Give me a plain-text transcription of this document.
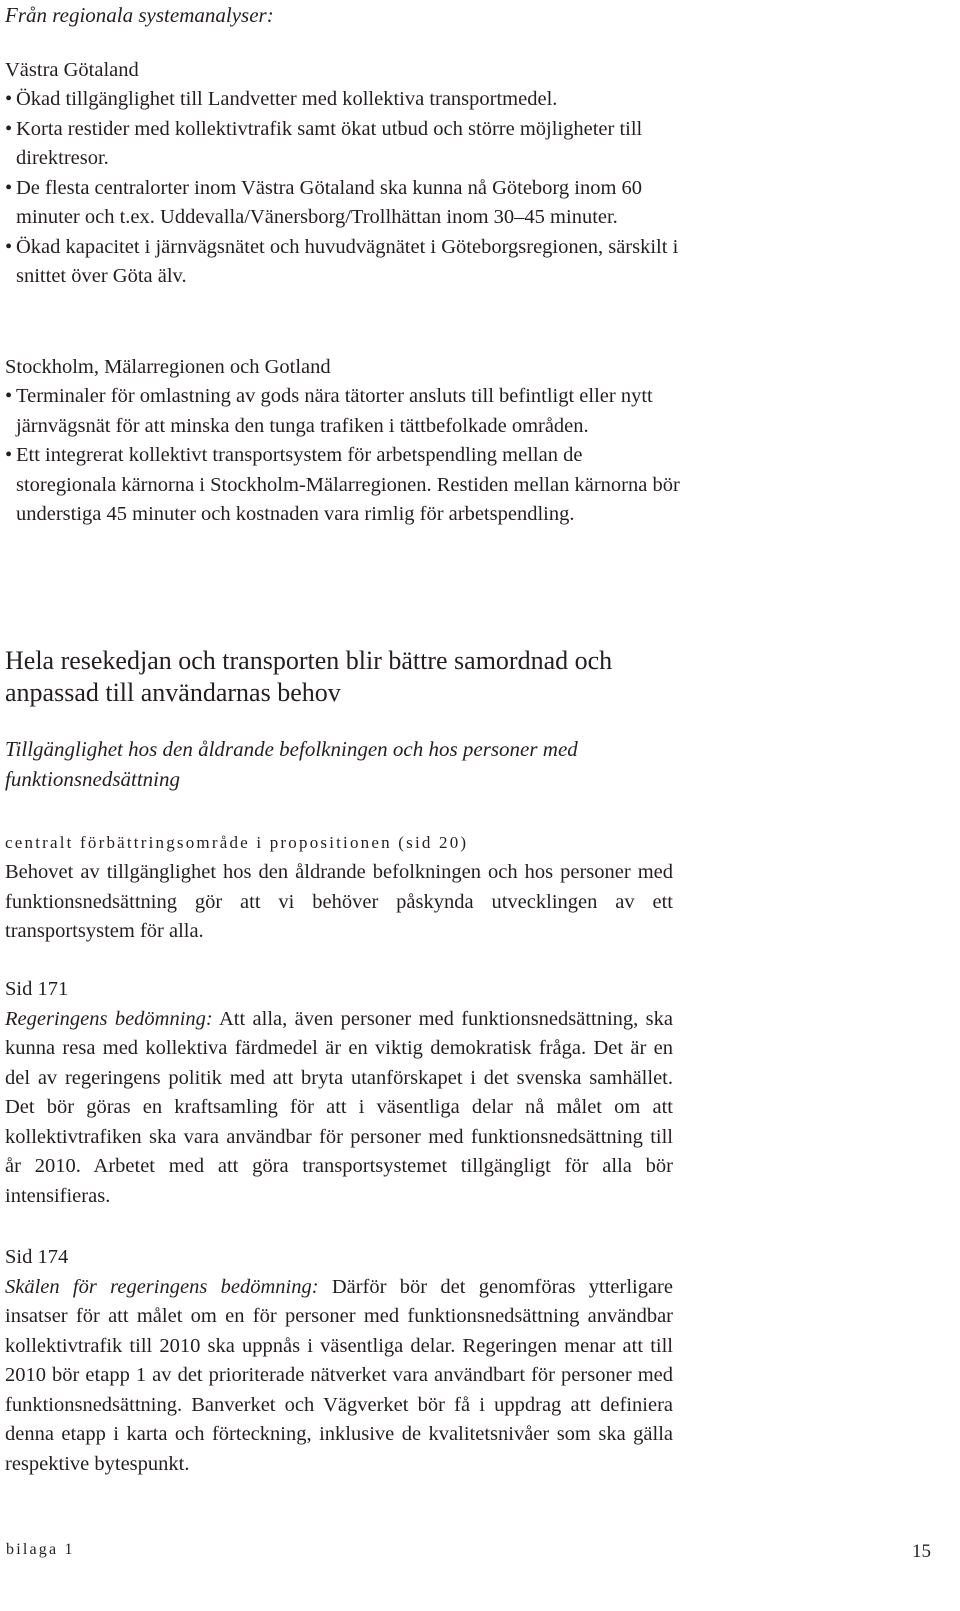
Från regionala systemanalyser:
Västra Götaland
• Ökad tillgänglighet till Landvetter med kollektiva transportmedel.
• Korta restider med kollektivtrafik samt ökat utbud och större möjligheter till direktresor.
• De flesta centralorter inom Västra Götaland ska kunna nå Göteborg inom 60 minuter och t.ex. Uddevalla/Vänersborg/Trollhättan inom 30–45 minuter.
• Ökad kapacitet i järnvägsnätet och huvudvägnätet i Göteborgsregionen, särskilt i snittet över Göta älv.
Stockholm, Mälarregionen och Gotland
• Terminaler för omlastning av gods nära tätorter ansluts till befintligt eller nytt järnvägsnät för att minska den tunga trafiken i tättbefolkade områden.
• Ett integrerat kollektivt transportsystem för arbetspendling mellan de storegionala kärnorna i Stockholm-Mälarregionen. Restiden mellan kärnorna bör understiga 45 minuter och kostnaden vara rimlig för arbetspendling.
Hela resekedjan och transporten blir bättre samordnad och anpassad till användarnas behov
Tillgänglighet hos den åldrande befolkningen och hos personer med funktionsnedsättning
centralt förbättringsområde i propositionen (sid 20)
Behovet av tillgänglighet hos den åldrande befolkningen och hos personer med funktionsnedsättning gör att vi behöver påskynda utvecklingen av ett transportsystem för alla.
Sid 171
Regeringens bedömning: Att alla, även personer med funktionsnedsättning, ska kunna resa med kollektiva färdmedel är en viktig demokratisk fråga. Det är en del av regeringens politik med att bryta utanförskapet i det svenska samhället. Det bör göras en kraftsamling för att i väsentliga delar nå målet om att kollektivtrafiken ska vara användbar för personer med funktionsnedsättning till år 2010. Arbetet med att göra transportsystemet tillgängligt för alla bör intensifieras.
Sid 174
Skälen för regeringens bedömning: Därför bör det genomföras ytterligare insatser för att målet om en för personer med funktionsnedsättning användbar kollektivtrafik till 2010 ska uppnås i väsentliga delar. Regeringen menar att till 2010 bör etapp 1 av det prioriterade nätverket vara användbart för personer med funktionsnedsättning. Banverket och Vägverket bör få i uppdrag att definiera denna etapp i karta och förteckning, inklusive de kvalitetsnivåer som ska gälla respektive bytespunkt.
bilaga 1	15
